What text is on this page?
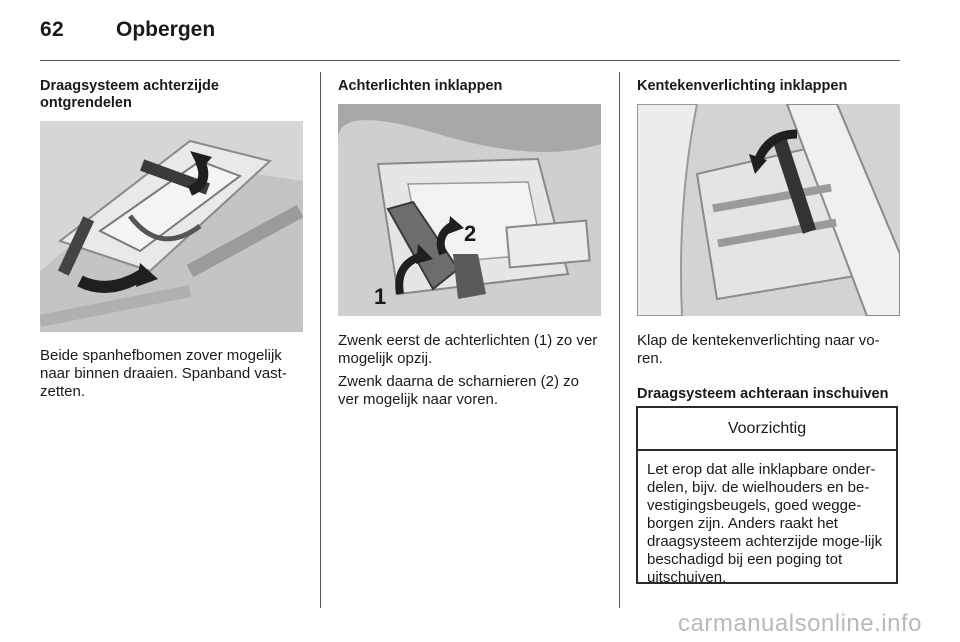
62 Opbergen
Draagsysteem achterzijde ontgrendelen

Beide spanhefbomen zover mogelijk naar binnen draaien. Spanband vast-zetten.

Achterlichten inklappen
1
2

Zwenk eerst de achterlichten (1) zo ver mogelijk opzij.

Zwenk daarna de scharnieren (2) zo ver mogelijk naar voren.

Kentekenverlichting inklappen

Klap de kentekenverlichting naar vo-ren.

Draagsysteem achteraan inschuiven
Voorzichtig
Let erop dat alle inklapbare onder-delen, bijv. de wielhouders en be-vestigingsbeugels, goed wegge-borgen zijn. Anders raakt het draagsysteem achterzijde moge-lijk beschadigd bij een poging tot uitschuiven.
carmanualsonline.info
